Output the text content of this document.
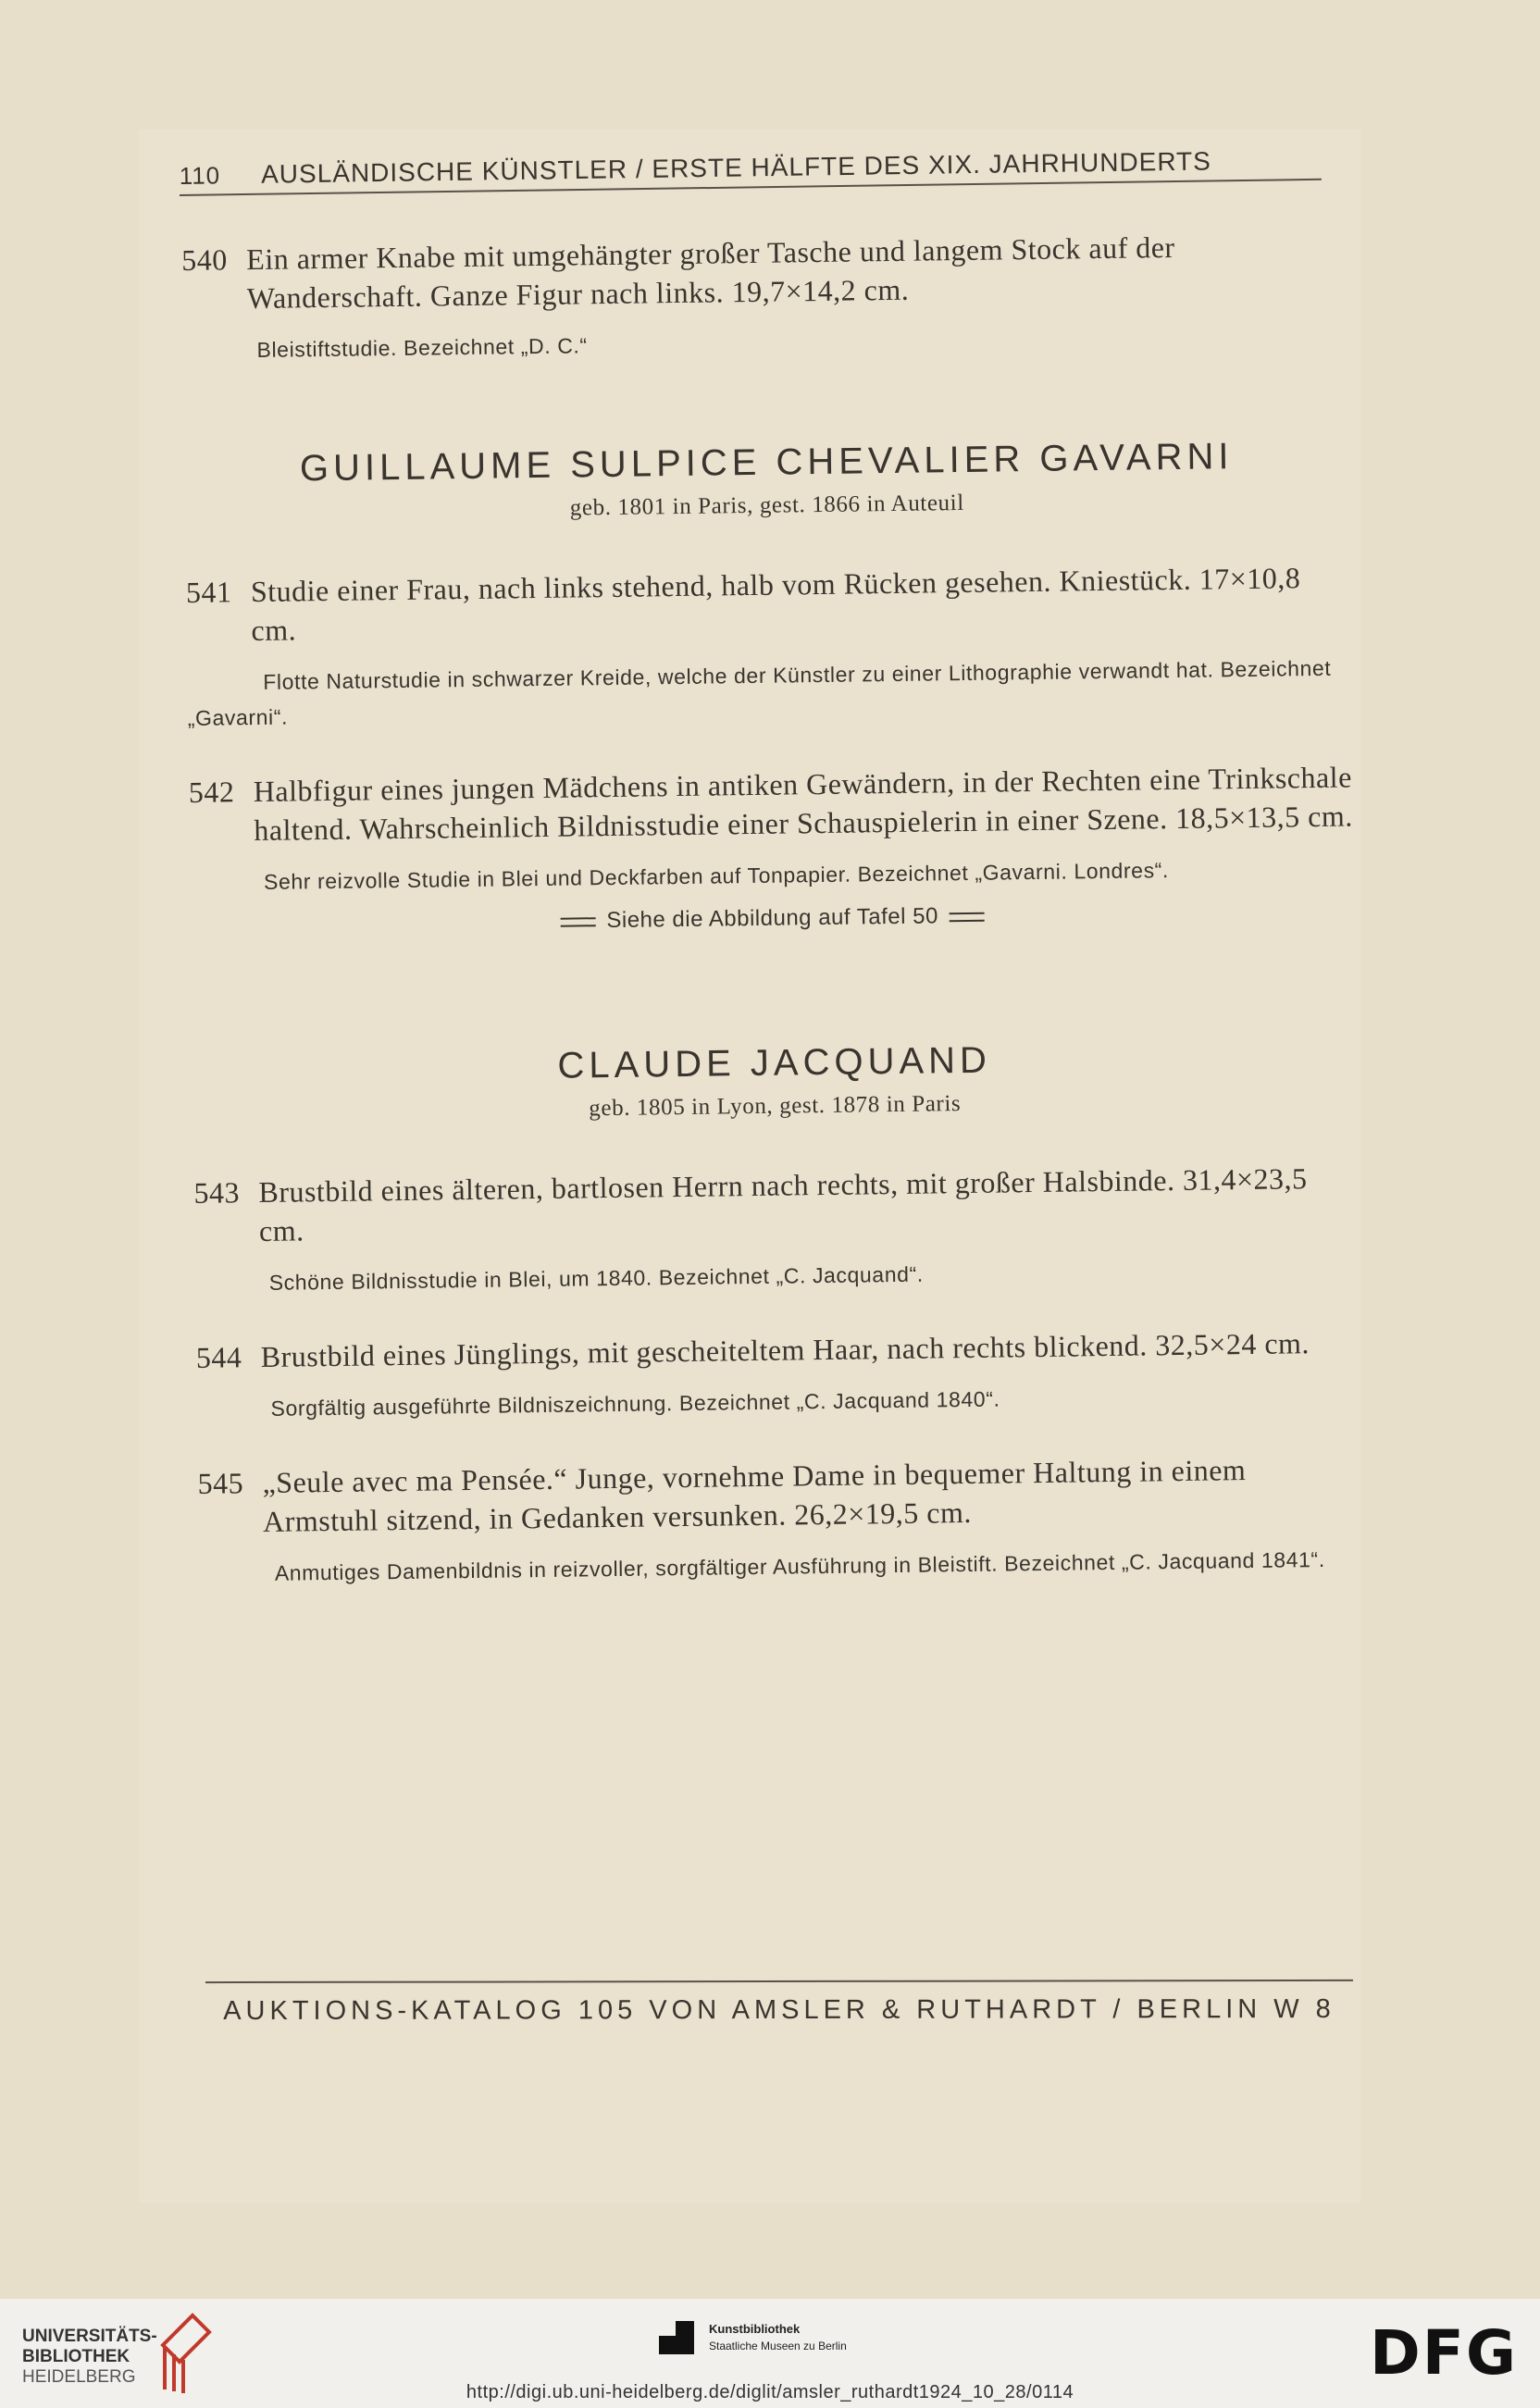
110 AUSLÄNDISCHE KÜNSTLER / ERSTE HÄLFTE DES XIX. JAHRHUNDERTS
540 Ein armer Knabe mit umgehängter großer Tasche und langem Stock auf der Wanderschaft. Ganze Figur nach links. 19,7×14,2 cm.
Bleistiftstudie. Bezeichnet „D. C.“
GUILLAUME SULPICE CHEVALIER GAVARNI
geb. 1801 in Paris, gest. 1866 in Auteuil
541 Studie einer Frau, nach links stehend, halb vom Rücken gesehen. Kniestück. 17×10,8 cm.
Flotte Naturstudie in schwarzer Kreide, welche der Künstler zu einer Lithographie verwandt hat. Bezeichnet „Gavarni“.
542 Halbfigur eines jungen Mädchens in antiken Gewändern, in der Rechten eine Trinkschale haltend. Wahrscheinlich Bildnisstudie einer Schauspielerin in einer Szene. 18,5×13,5 cm.
Sehr reizvolle Studie in Blei und Deckfarben auf Tonpapier. Bezeichnet „Gavarni. Londres“.
Siehe die Abbildung auf Tafel 50
CLAUDE JACQUAND
geb. 1805 in Lyon, gest. 1878 in Paris
543 Brustbild eines älteren, bartlosen Herrn nach rechts, mit großer Halsbinde. 31,4×23,5 cm.
Schöne Bildnisstudie in Blei, um 1840. Bezeichnet „C. Jacquand“.
544 Brustbild eines Jünglings, mit gescheiteltem Haar, nach rechts blickend. 32,5×24 cm.
Sorgfältig ausgeführte Bildniszeichnung. Bezeichnet „C. Jacquand 1840“.
545 „Seule avec ma Pensée.“ Junge, vornehme Dame in bequemer Haltung in einem Armstuhl sitzend, in Gedanken versunken. 26,2×19,5 cm.
Anmutiges Damenbildnis in reizvoller, sorgfältiger Ausführung in Bleistift. Bezeichnet „C. Jacquand 1841“.
AUKTIONS-KATALOG 105 VON AMSLER & RUTHARDT / BERLIN W 8
UNIVERSITÄTS-
BIBLIOTHEK
HEIDELBERG
Kunstbibliothek
Staatliche Museen zu Berlin	DFG
http://digi.ub.uni-heidelberg.de/diglit/amsler_ruthardt1924_10_28/0114
